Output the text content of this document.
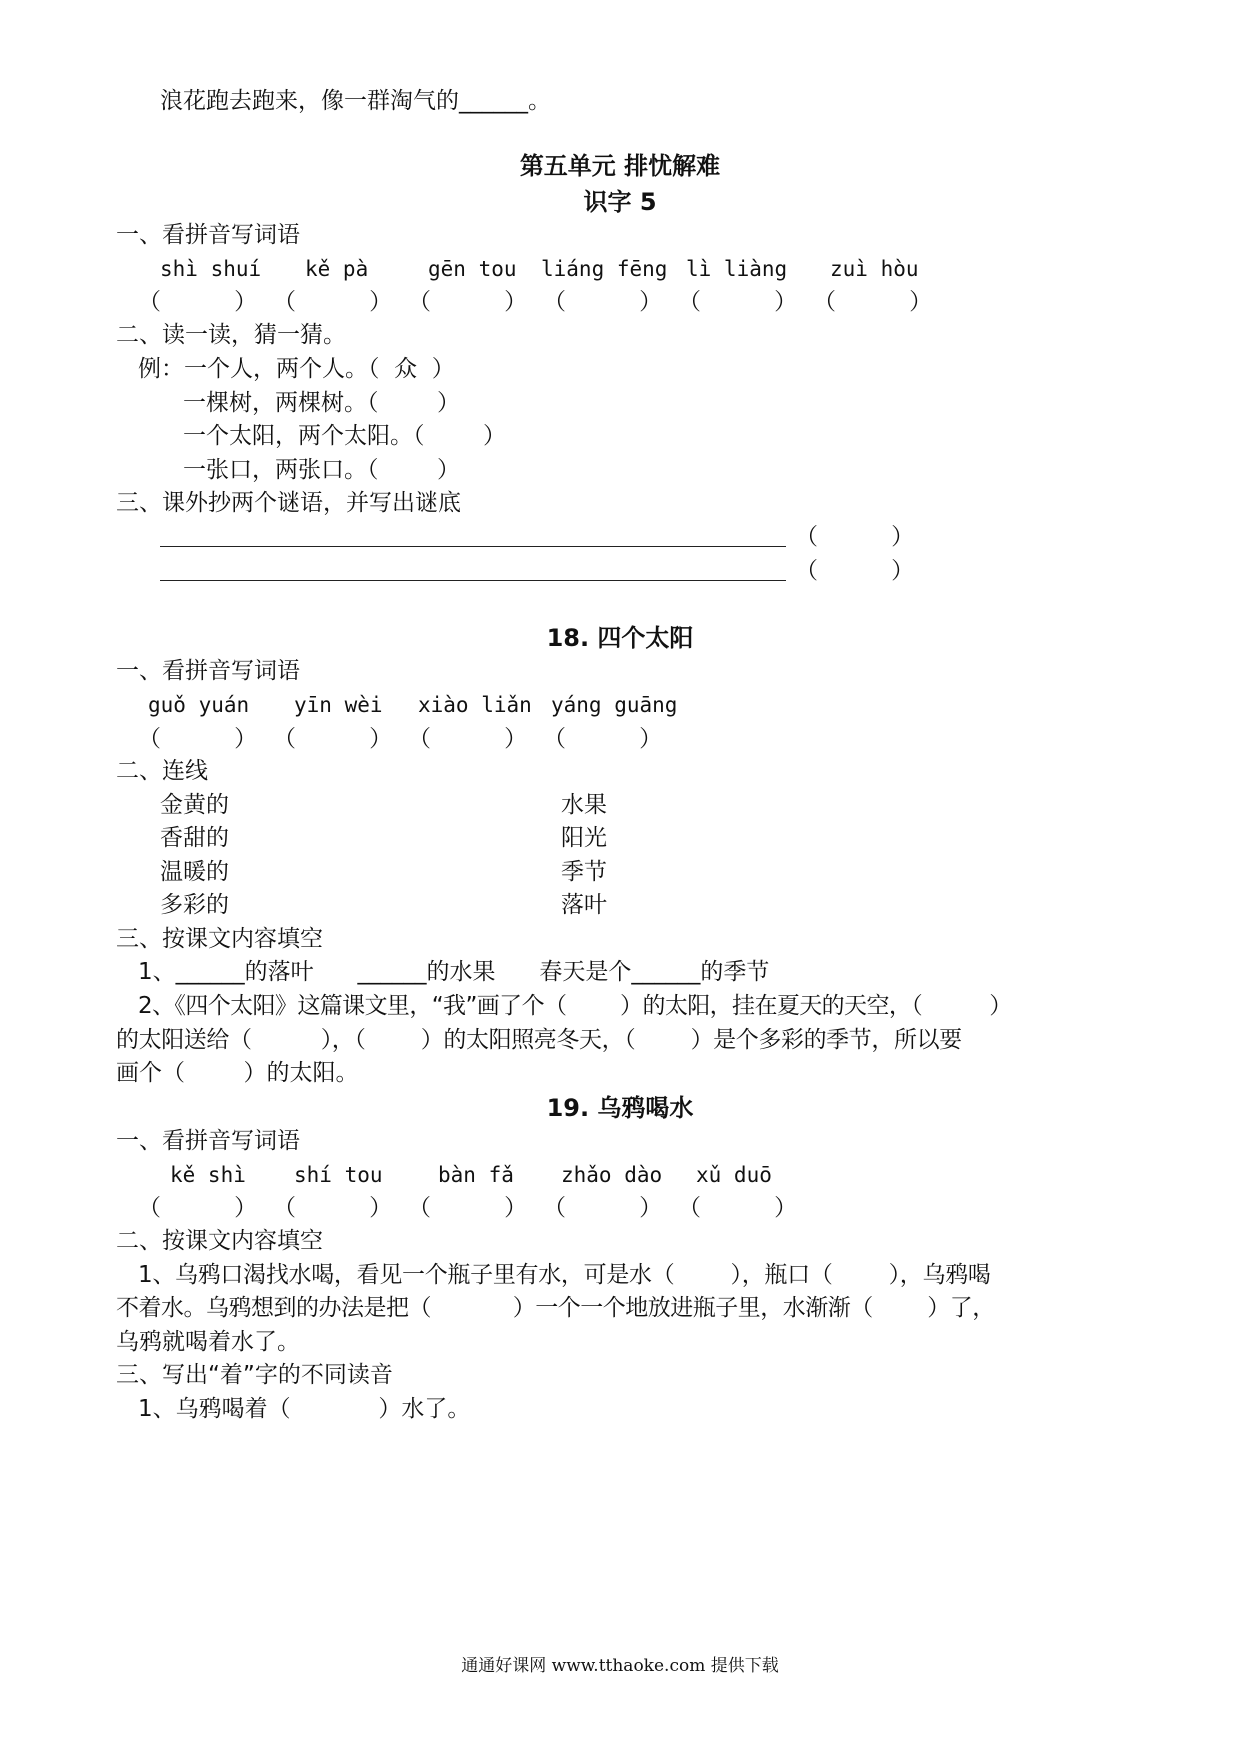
浪花跑去跑来，像一群淘气的______。
第五单元 排忧解难
识字 5
一、看拼音写词语
shì shuí kě pà	gēn tou liáng fēng lì liàng zuì hòu
（          ） （          ） （          ） （          ） （          ） （          ）
二、读一读，猜一猜。
例：一个人，两个人。（  众  ）
一棵树，两棵树。（        ）
一个太阳，两个太阳。（        ）
一张口，两张口。（        ）
三、课外抄两个谜语，并写出谜底
（          ）
（          ）
18. 四个太阳
一、看拼音写词语
guǒ yuán yīn wèi xiào liǎn yáng guāng
（          ） （          ） （          ） （          ）
二、连线
金黄的
香甜的
温暖的
多彩的
水果
阳光
季节
落叶
三、按课文内容填空
1、______的落叶      ______的水果      春天是个______的季节
2、《四个太阳》这篇课文里，“我”画了个（        ）的太阳，挂在夏天的天空，（          ）
的太阳送给（          ），（        ）的太阳照亮冬天，（        ）是个多彩的季节，所以要
画个（        ）的太阳。
19. 乌鸦喝水
一、看拼音写词语
kě shì shí tou	bàn fǎ zhǎo dào xǔ duō
（          ） （          ） （          ） （          ） （          ）
二、按课文内容填空
1、乌鸦口渴找水喝，看见一个瓶子里有水，可是水（        ），瓶口（        ），乌鸦喝
不着水。乌鸦想到的办法是把（            ）一个一个地放进瓶子里，水渐渐（        ）了，
乌鸦就喝着水了。
三、写出“着”字的不同读音
1、乌鸦喝着（            ）水了。
通通好课网 www.tthaoke.com 提供下载
